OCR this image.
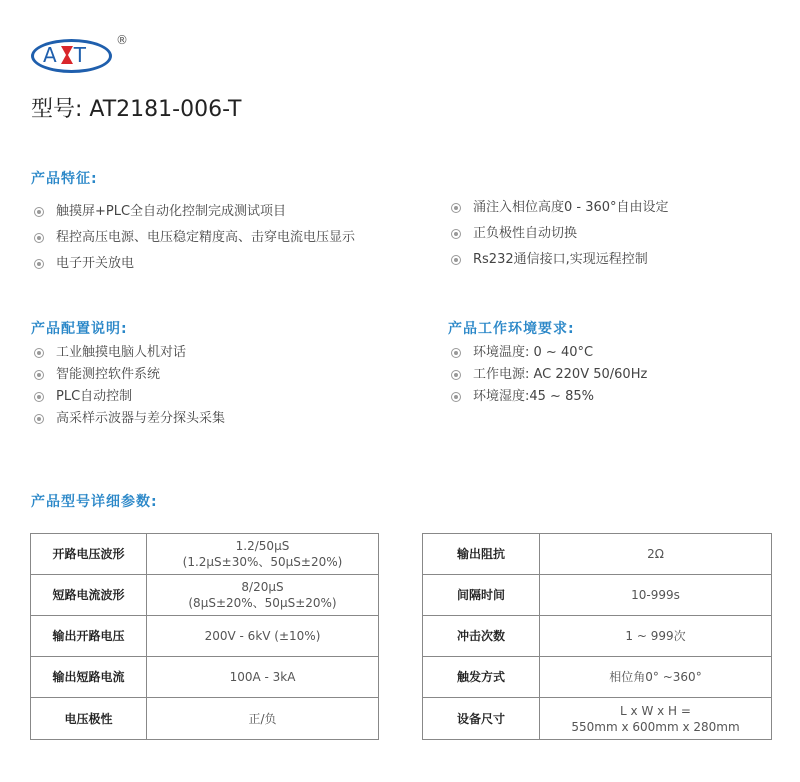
A T
®
型号: AT2181-006-T
产品特征:
触摸屏+PLC全自动化控制完成测试项目
程控高压电源、电压稳定精度高、击穿电流电压显示
电子开关放电
涌注入相位高度0 - 360°自由设定
正负极性自动切换
Rs232通信接口,实现远程控制
产品配置说明:
工业触摸电脑人机对话
智能测控软件系统
PLC自动控制
高采样示波器与差分探头采集
产品工作环境要求:
环境温度: 0 ~ 40°C
工作电源: AC 220V 50/60Hz
环境湿度:45 ~ 85%
产品型号详细参数:
开路电压波形	1.2/50μS
(1.2μS±30%、50μS±20%)

短路电流波形	8/20μS
(8μS±20%、50μS±20%)

输出开路电压	200V - 6kV (±10%)
输出短路电流	100A - 3kA
电压极性	正/负
输出阻抗	2Ω
间隔时间	10-999s
冲击次数	1 ~ 999次
触发方式	相位角0° ~360°
设备尺寸	L x W x H =
550mm x 600mm x 280mm
